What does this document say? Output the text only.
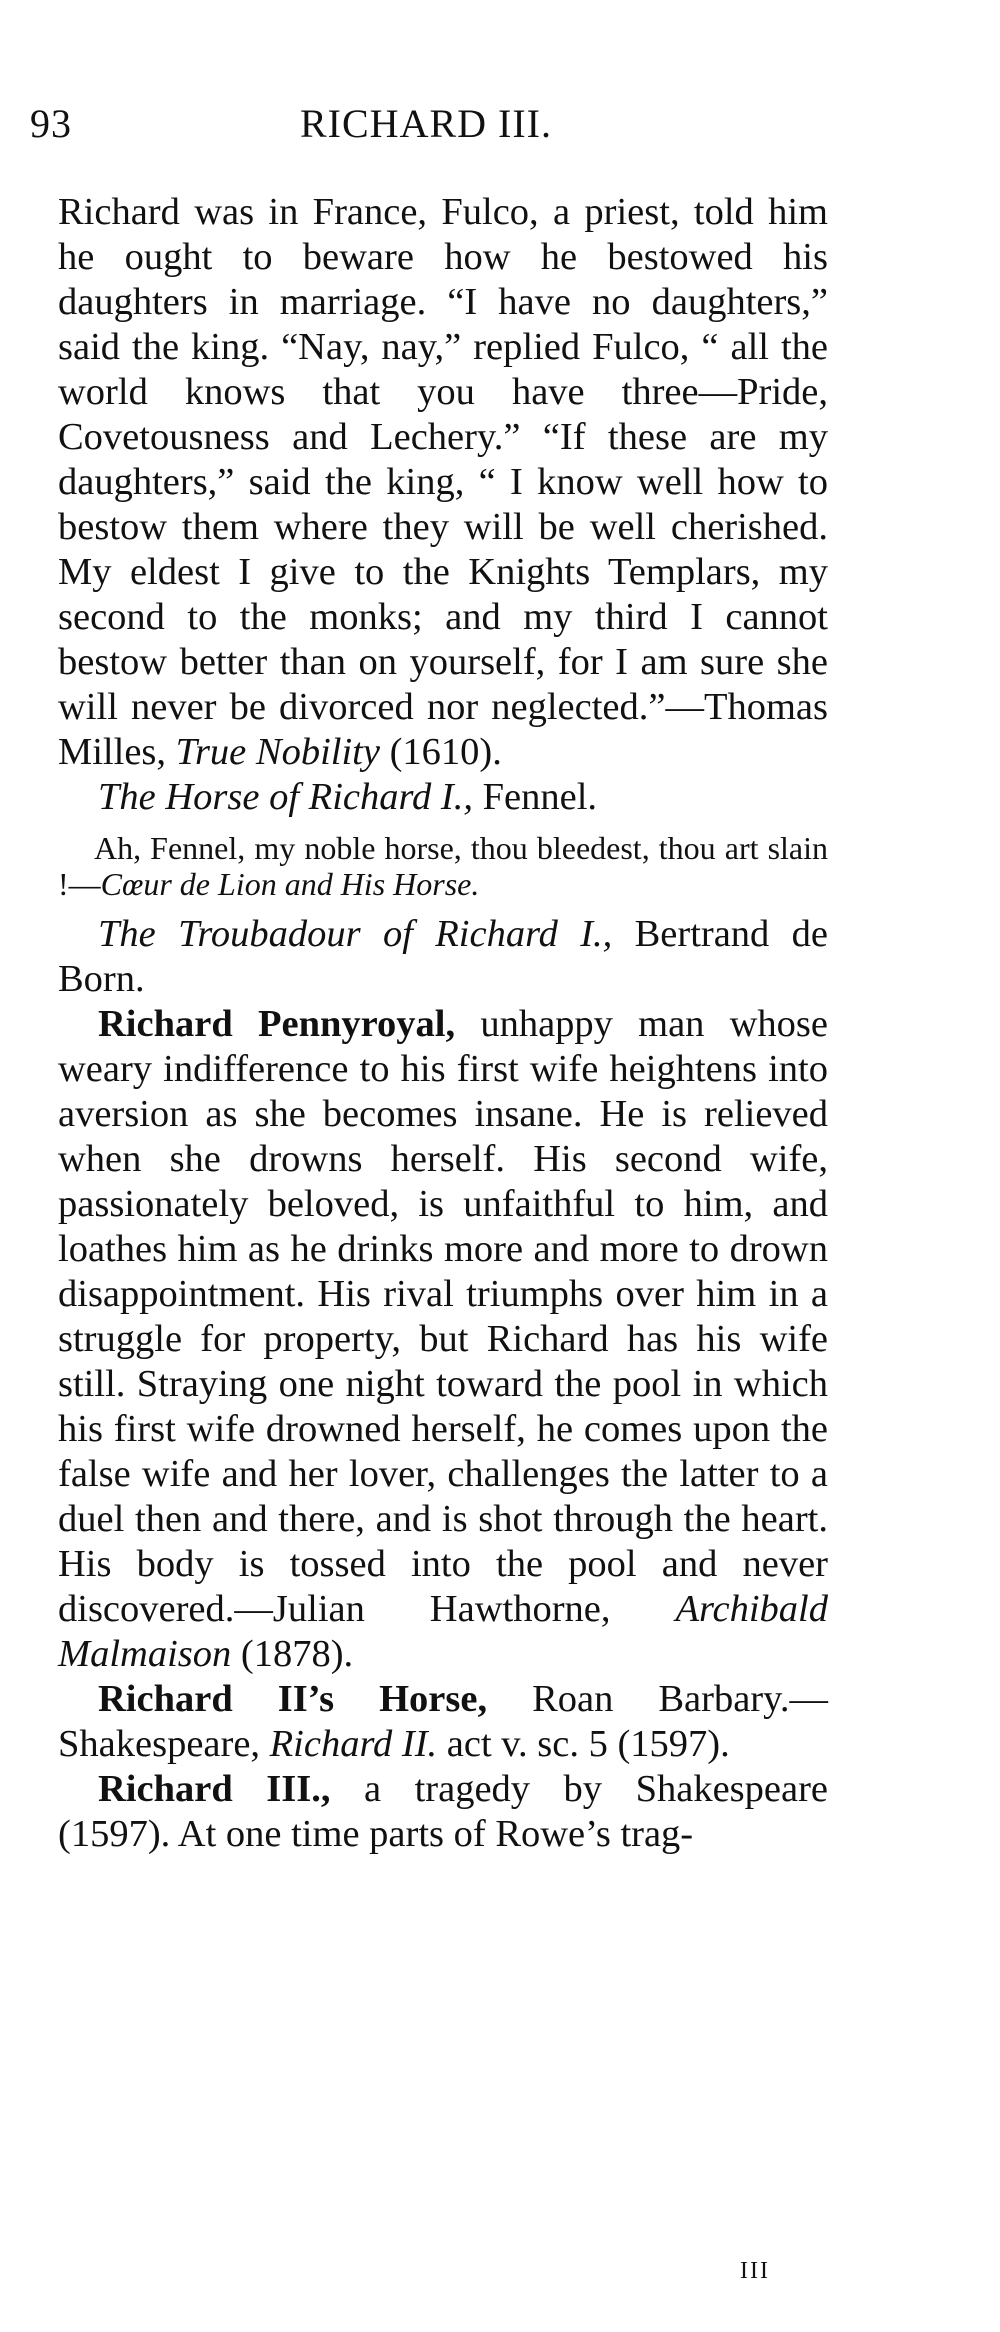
93	RICHARD III.

Richard was in France, Fulco, a priest, told him he ought to beware how he bestowed his daughters in marriage. “I have no daughters,” said the king. “Nay, nay,” replied Fulco, “ all the world knows that you have three—Pride, Covetousness and Lechery.” “If these are my daughters,” said the king, “ I know well how to bestow them where they will be well cherished. My eldest I give to the Knights Templars, my second to the monks; and my third I cannot bestow better than on yourself, for I am sure she will never be divorced nor neglected.”—Thomas Milles, True Nobility (1610).

The Horse of Richard I., Fennel.

Ah, Fennel, my noble horse, thou bleedest, thou art slain !—Cœur de Lion and His Horse.

The Troubadour of Richard I., Bertrand de Born.

Richard Pennyroyal, unhappy man whose weary indifference to his first wife heightens into aversion as she becomes insane. He is relieved when she drowns herself. His second wife, passionately beloved, is unfaithful to him, and loathes him as he drinks more and more to drown disappointment. His rival triumphs over him in a struggle for property, but Richard has his wife still. Straying one night toward the pool in which his first wife drowned herself, he comes upon the false wife and her lover, challenges the latter to a duel then and there, and is shot through the heart. His body is tossed into the pool and never discovered.—Julian Hawthorne, Archibald Malmaison (1878).

Richard II’s Horse, Roan Barbary.—Shakespeare, Richard II. act v. sc. 5 (1597).

Richard III., a tragedy by Shakespeare (1597). At one time parts of Rowe’s trag-

III
